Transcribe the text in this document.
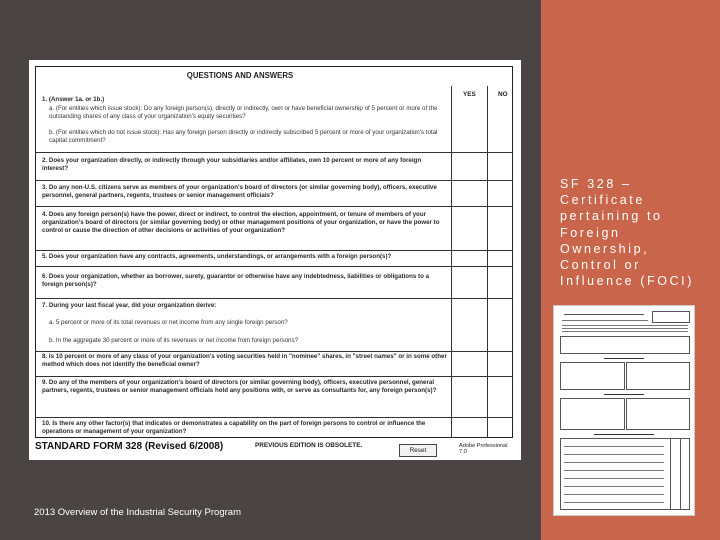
QUESTIONS AND ANSWERS
YES	NO
1. (Answer 1a. or 1b.)
a. (For entities which issue stock): Do any foreign person(s), directly or indirectly, own or have beneficial ownership of 5 percent or more of the outstanding shares of any class of your organization's equity securities?
b. (For entities which do not issue stock): Has any foreign person directly or indirectly subscribed 5 percent or more of your organization's total capital commitment?
2. Does your organization directly, or indirectly through your subsidiaries and/or affiliates, own 10 percent or more of any foreign interest?
3. Do any non-U.S. citizens serve as members of your organization's board of directors (or similar governing body), officers, executive personnel, general partners, regents, trustees or senior management officials?
4. Does any foreign person(s) have the power, direct or indirect, to control the election, appointment, or tenure of members of your organization's board of directors (or similar governing body) or other management positions of your organization, or have the power to control or cause the direction of other decisions or activities of your organization?
5. Does your organization have any contracts, agreements, understandings, or arrangements with a foreign person(s)?
6. Does your organization, whether as borrower, surety, guarantor or otherwise have any indebtedness, liabilities or obligations to a foreign person(s)?
7. During your last fiscal year, did your organization derive:
a. 5 percent or more of its total revenues or net income from any single foreign person?
b. In the aggregate 30 percent or more of its revenues or net income from foreign persons?
8. Is 10 percent or more of any class of your organization's voting securities held in "nominee" shares, in "street names" or in some other method which does not identify the beneficial owner?
9. Do any of the members of your organization's board of directors (or similar governing body), officers, executive personnel, general partners, regents, trustees or senior management officials hold any positions with, or serve as consultants for, any foreign person(s)?
10. Is there any other factor(s) that indicates or demonstrates a capability on the part of foreign persons to control or influence the operations or management of your organization?
STANDARD FORM 328 (Revised 6/2008)	PREVIOUS EDITION IS OBSOLETE.
Reset
Adobe Professional 7.0
SF 328 – Certificate pertaining to Foreign Ownership, Control or Influence (FOCI)
2013 Overview of the Industrial Security Program
